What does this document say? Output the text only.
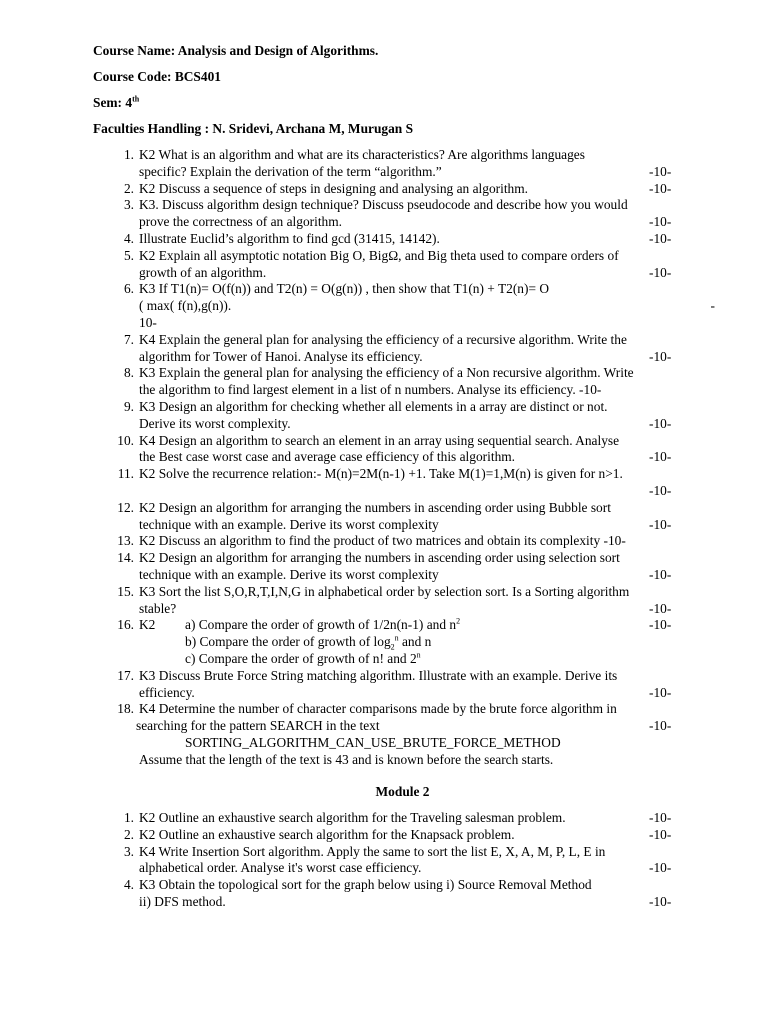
Course Name: Analysis and Design of Algorithms.
Course Code: BCS401
Sem: 4th
Faculties Handling : N. Sridevi, Archana M, Murugan S
1. K2 What is an algorithm and what are its characteristics? Are algorithms languages
specific? Explain the derivation of the term “algorithm.”	-10-
2. K2 Discuss a sequence of steps in designing and analysing an algorithm.	-10-
3. K3. Discuss algorithm design technique? Discuss pseudocode and describe how you would
prove the correctness of an algorithm.	-10-
4. Illustrate Euclid’s algorithm to find gcd (31415, 14142).	-10-
5. K2 Explain all asymptotic notation Big O, BigΩ, and Big theta used to compare orders of
growth of an algorithm.	-10-
6. K3 If T1(n)= O(f(n)) and T2(n) = O(g(n)) , then show that T1(n) + T2(n)= O
( max( f(n),g(n)).	-
10-
7. K4 Explain the general plan for analysing the efficiency of a recursive algorithm. Write the
algorithm for Tower of Hanoi. Analyse its efficiency.	-10-
8. K3 Explain the general plan for analysing the efficiency of a Non recursive algorithm. Write
the algorithm to find largest element in a list of n numbers. Analyse its efficiency. -10-
9. K3 Design an algorithm for checking whether all elements in a array are distinct or not.
Derive its worst complexity.	-10-
10. K4 Design an algorithm to search an element in an array using sequential search. Analyse
the Best case worst case and average case efficiency of this algorithm.	-10-
11. K2 Solve the recurrence relation:- M(n)=2M(n-1) +1. Take M(1)=1,M(n) is given for n>1.

-10-
12. K2 Design an algorithm for arranging the numbers in ascending order using Bubble sort
technique with an example. Derive its worst complexity	-10-
13. K2 Discuss an algorithm to find the product of two matrices and obtain its complexity -10-
14. K2 Design an algorithm for arranging the numbers in ascending order using selection sort
technique with an example. Derive its worst complexity	-10-
15. K3 Sort the list S,O,R,T,I,N,G in alphabetical order by selection sort. Is a Sorting algorithm
stable?	-10-
16. K2 a) Compare the order of growth of 1/2n(n-1) and $n^2$	-10-
b) Compare the order of growth of $\log_2^n$ and n
c) Compare the order of growth of n! and 2$^n$
17. K3 Discuss Brute Force String matching algorithm. Illustrate with an example. Derive its
efficiency.	-10-
18. K4 Determine the number of character comparisons made by the brute force algorithm in
searching for the pattern SEARCH in the text	-10-
SORTING_ALGORITHM_CAN_USE_BRUTE_FORCE_METHOD
Assume that the length of the text is 43 and is known before the search starts.
Module 2
1. K2 Outline an exhaustive search algorithm for the Traveling salesman problem.	-10-
2. K2 Outline an exhaustive search algorithm for the Knapsack problem.	-10-
3. K4 Write Insertion Sort algorithm. Apply the same to sort the list E, X, A, M, P, L, E in
alphabetical order. Analyse it's worst case efficiency.	-10-
4. K3 Obtain the topological sort for the graph below using i) Source Removal Method
ii) DFS method.	-10-
